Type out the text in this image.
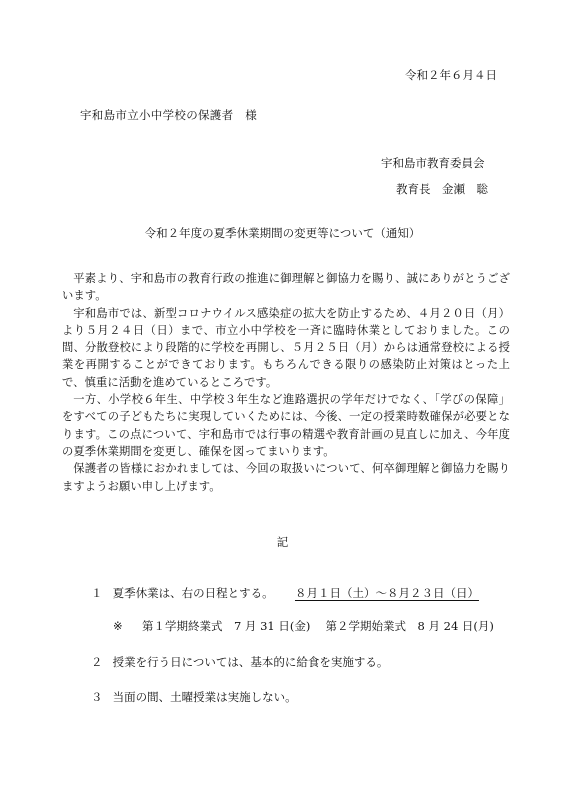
令和２年６月４日
宇和島市立小中学校の保護者　様
宇和島市教育委員会
教育長　金瀬　聡
令和２年度の夏季休業期間の変更等について（通知）

平素より、宇和島市の教育行政の推進に御理解と御協力を賜り、誠にありがとうございます。

宇和島市では、新型コロナウイルス感染症の拡大を防止するため、４月２０日（月）より５月２４日（日）まで、市立小中学校を一斉に臨時休業としておりました。この間、分散登校により段階的に学校を再開し、５月２５日（月）からは通常登校による授業を再開することができております。もちろんできる限りの感染防止対策はとった上で、慎重に活動を進めているところです。

一方、小学校６年生、中学校３年生など進路選択の学年だけでなく、「学びの保障」をすべての子どもたちに実現していくためには、今後、一定の授業時数確保が必要となります。この点について、宇和島市では行事の精選や教育計画の見直しに加え、今年度の夏季休業期間を変更し、確保を図ってまいります。

保護者の皆様におかれましては、今回の取扱いについて、何卒御理解と御協力を賜りますようお願い申し上げます。

記
１ 夏季休業は、右の日程とする。 ８月１日（土）～８月２３日（日）
※ 第１学期終業式　7 月 31 日(金)　 第２学期始業式　8 月 24 日(月)
２ 授業を行う日については、基本的に給食を実施する。
３ 当面の間、土曜授業は実施しない。
